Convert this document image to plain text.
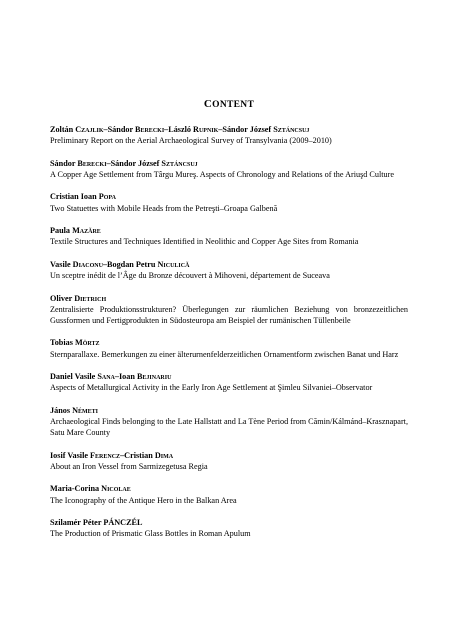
CONTENT
Zoltán Czajlik–Sándor Berecki–László Rupnik–Sándor József Sztáncsuj
Preliminary Report on the Aerial Archaeological Survey of Transylvania (2009–2010)
Sándor Berecki–Sándor József Sztáncsuj
A Copper Age Settlement from Târgu Mureş. Aspects of Chronology and Relations of the Ariuşd Culture
Cristian Ioan Popa
Two Statuettes with Mobile Heads from the Petreşti–Groapa Galbenă
Paula Mazăre
Textile Structures and Techniques Identified in Neolithic and Copper Age Sites from Romania
Vasile Diaconu–Bogdan Petru Niculică
Un sceptre inédit de l’Âge du Bronze découvert à Mihoveni, département de Suceava
Oliver Dietrich
Zentralisierte Produktionsstrukturen? Überlegungen zur räumlichen Beziehung von bronzezeitlichen Gussformen und Fertigprodukten in Südosteuropa am Beispiel der rumänischen Tüllenbeile
Tobias Mörtz
Sternparallaxe. Bemerkungen zu einer älterurnenfelderzeitlichen Ornamentform zwischen Banat und Harz
Daniel Vasile Sana–Ioan Bejinariu
Aspects of Metallurgical Activity in the Early Iron Age Settlement at Şimleu Silvaniei–Observator
János Németi
Archaeological Finds belonging to the Late Hallstatt and La Tène Period from Cămin/Kálmánd–Krasznapart, Satu Mare County
Iosif Vasile Ferencz–Cristian Dima
About an Iron Vessel from Sarmizegetusa Regia
Maria-Corina Nicolae
The Iconography of the Antique Hero in the Balkan Area
Szilamér Péter PÁNCZÉL
The Production of Prismatic Glass Bottles in Roman Apulum
